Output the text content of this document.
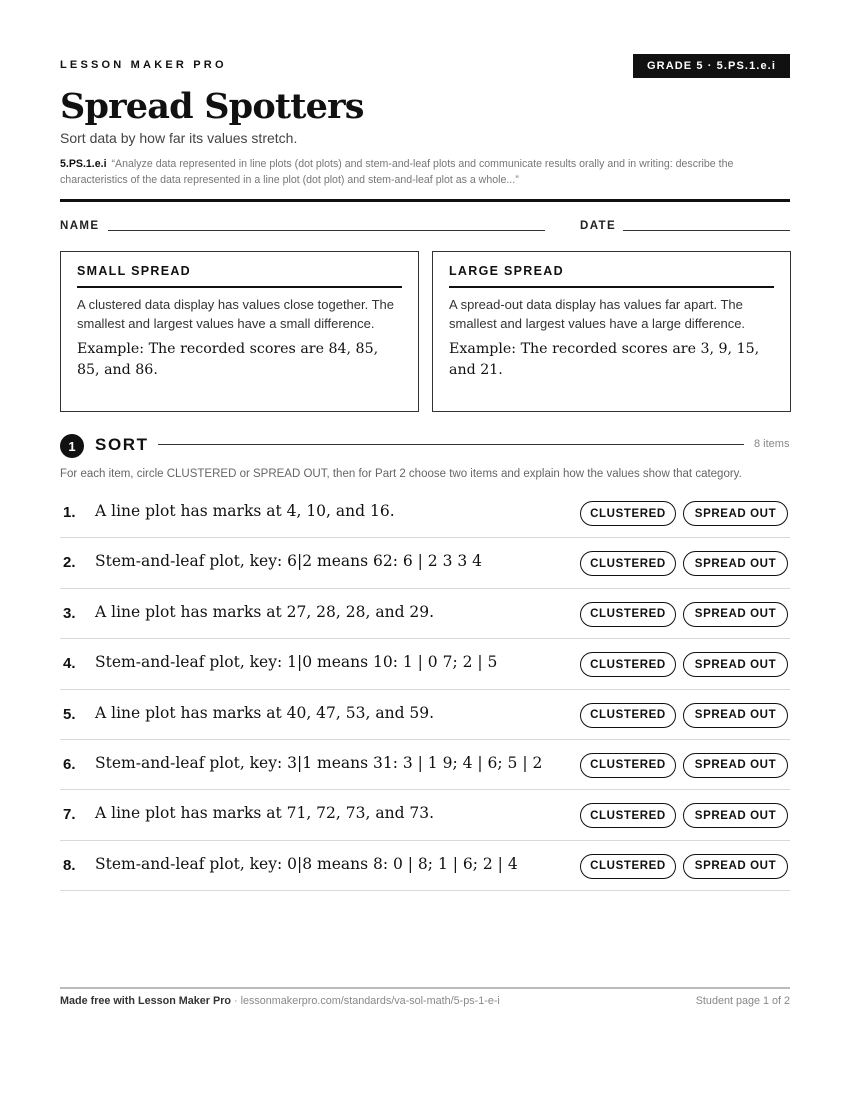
LESSON MAKER PRO	GRADE 5 · 5.PS.1.e.i
Spread Spotters
Sort data by how far its values stretch.
5.PS.1.e.i “Analyze data represented in line plots (dot plots) and stem-and-leaf plots and communicate results orally and in writing: describe the characteristics of the data represented in a line plot (dot plot) and stem-and-leaf plot as a whole...”
NAME	DATE
SMALL SPREAD
A clustered data display has values close together. The smallest and largest values have a small difference.
Example: The recorded scores are 84, 85, 85, and 86.
LARGE SPREAD
A spread-out data display has values far apart. The smallest and largest values have a large difference.
Example: The recorded scores are 3, 9, 15, and 21.
1	SORT	8 items
For each item, circle CLUSTERED or SPREAD OUT, then for Part 2 choose two items and explain how the values show that category.
1. A line plot has marks at 4, 10, and 16.	CLUSTERED	SPREAD OUT
2. Stem-and-leaf plot, key: 6|2 means 62: 6 | 2 3 3 4	CLUSTERED	SPREAD OUT
3. A line plot has marks at 27, 28, 28, and 29.	CLUSTERED	SPREAD OUT
4. Stem-and-leaf plot, key: 1|0 means 10: 1 | 0 7; 2 | 5	CLUSTERED	SPREAD OUT
5. A line plot has marks at 40, 47, 53, and 59.	CLUSTERED	SPREAD OUT
6. Stem-and-leaf plot, key: 3|1 means 31: 3 | 1 9; 4 | 6; 5 | 2	CLUSTERED	SPREAD OUT
7. A line plot has marks at 71, 72, 73, and 73.	CLUSTERED	SPREAD OUT
8. Stem-and-leaf plot, key: 0|8 means 8: 0 | 8; 1 | 6; 2 | 4	CLUSTERED	SPREAD OUT
Made free with Lesson Maker Pro · lessonmakerpro.com/standards/va-sol-math/5-ps-1-e-i	Student page 1 of 2
